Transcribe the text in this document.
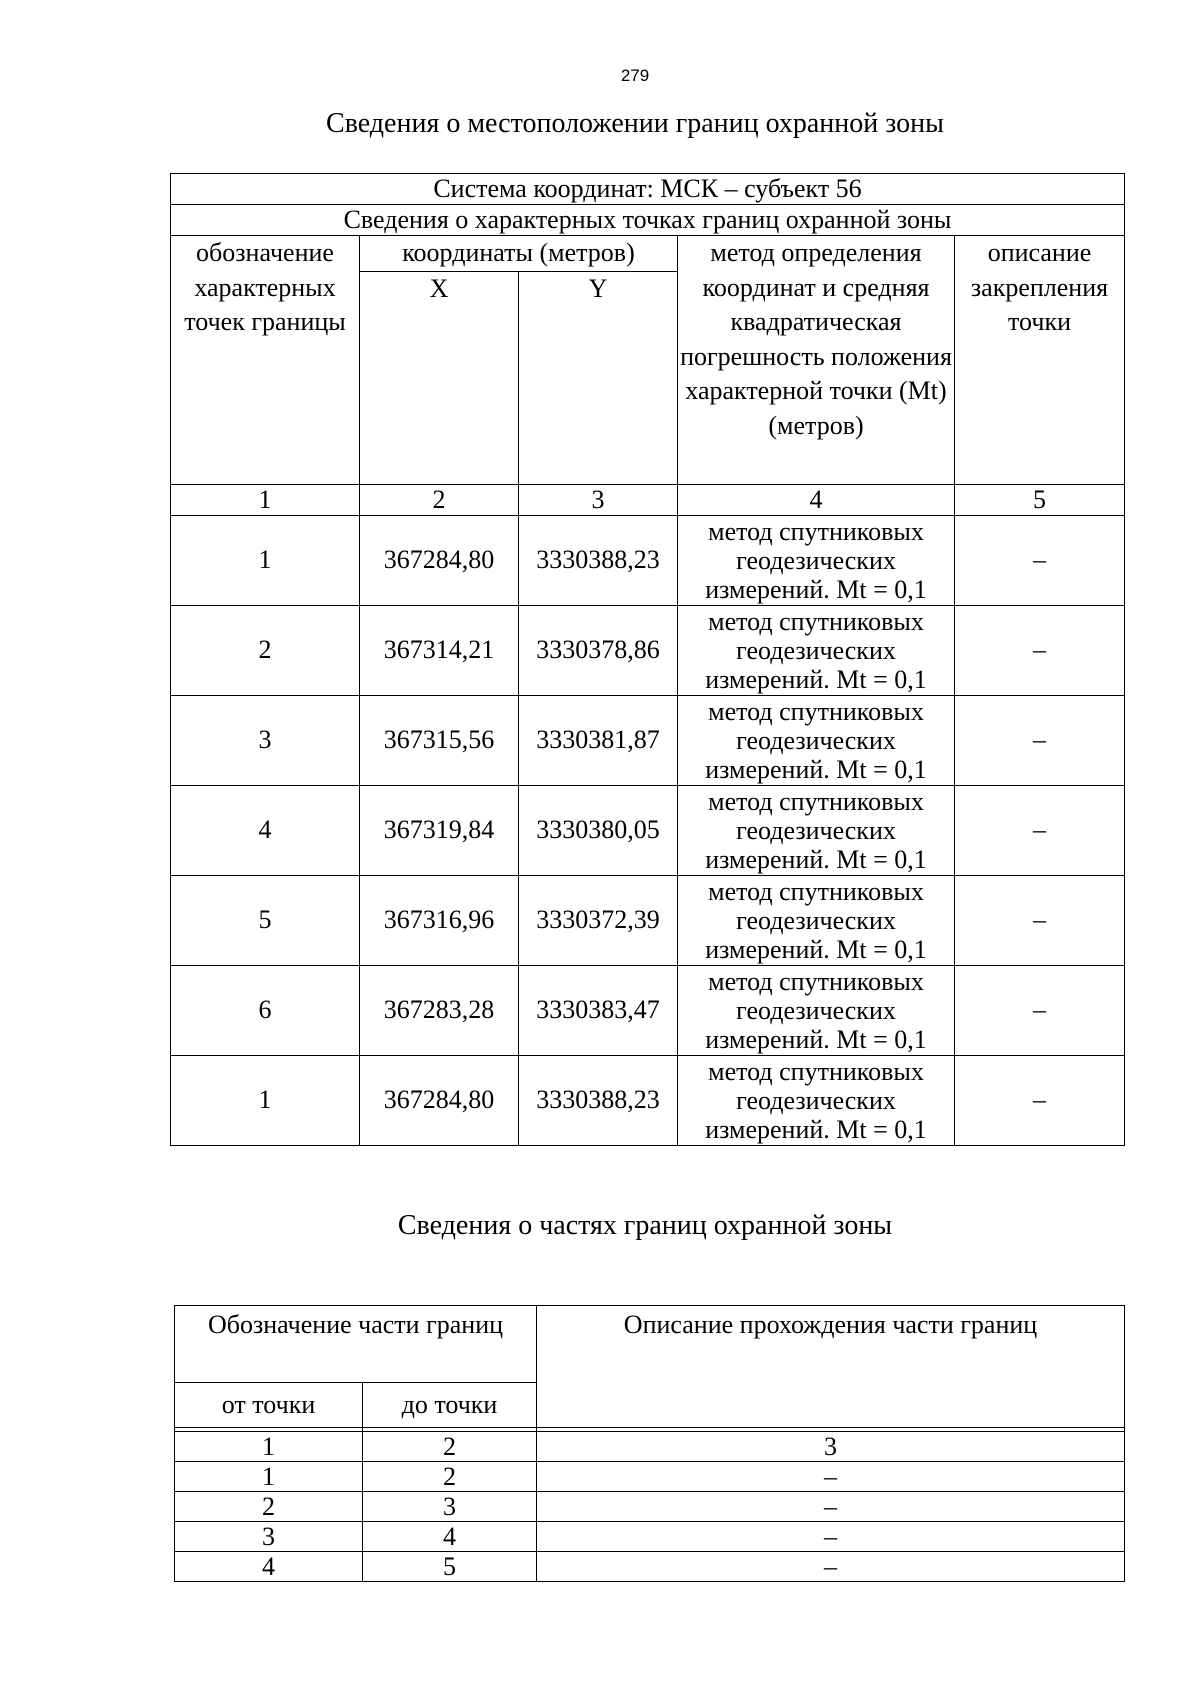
279
Сведения о местоположении границ охранной зоны
Система координат: МСК – субъект 56				
Сведения о характерных точках границ охранной зоны				
обозначение характерных точек границы	координаты (метров)		метод определения координат и средняя квадратическая погрешность положения характерной точки (Mt) (метров)	описание закрепления точки
	X	Y		
1	2	3	4	5
1	367284,80	3330388,23	метод спутниковых геодезических измерений. Mt = 0,1	–
2	367314,21	3330378,86	метод спутниковых геодезических измерений. Mt = 0,1	–
3	367315,56	3330381,87	метод спутниковых геодезических измерений. Mt = 0,1	–
4	367319,84	3330380,05	метод спутниковых геодезических измерений. Mt = 0,1	–
5	367316,96	3330372,39	метод спутниковых геодезических измерений. Mt = 0,1	–
6	367283,28	3330383,47	метод спутниковых геодезических измерений. Mt = 0,1	–
1	367284,80	3330388,23	метод спутниковых геодезических измерений. Mt = 0,1	–
Сведения о частях границ охранной зоны
Обозначение части границ		Описание прохождения части границ
от точки	до точки	

1	2	3
1	2	–
2	3	–
3	4	–
4	5	–
